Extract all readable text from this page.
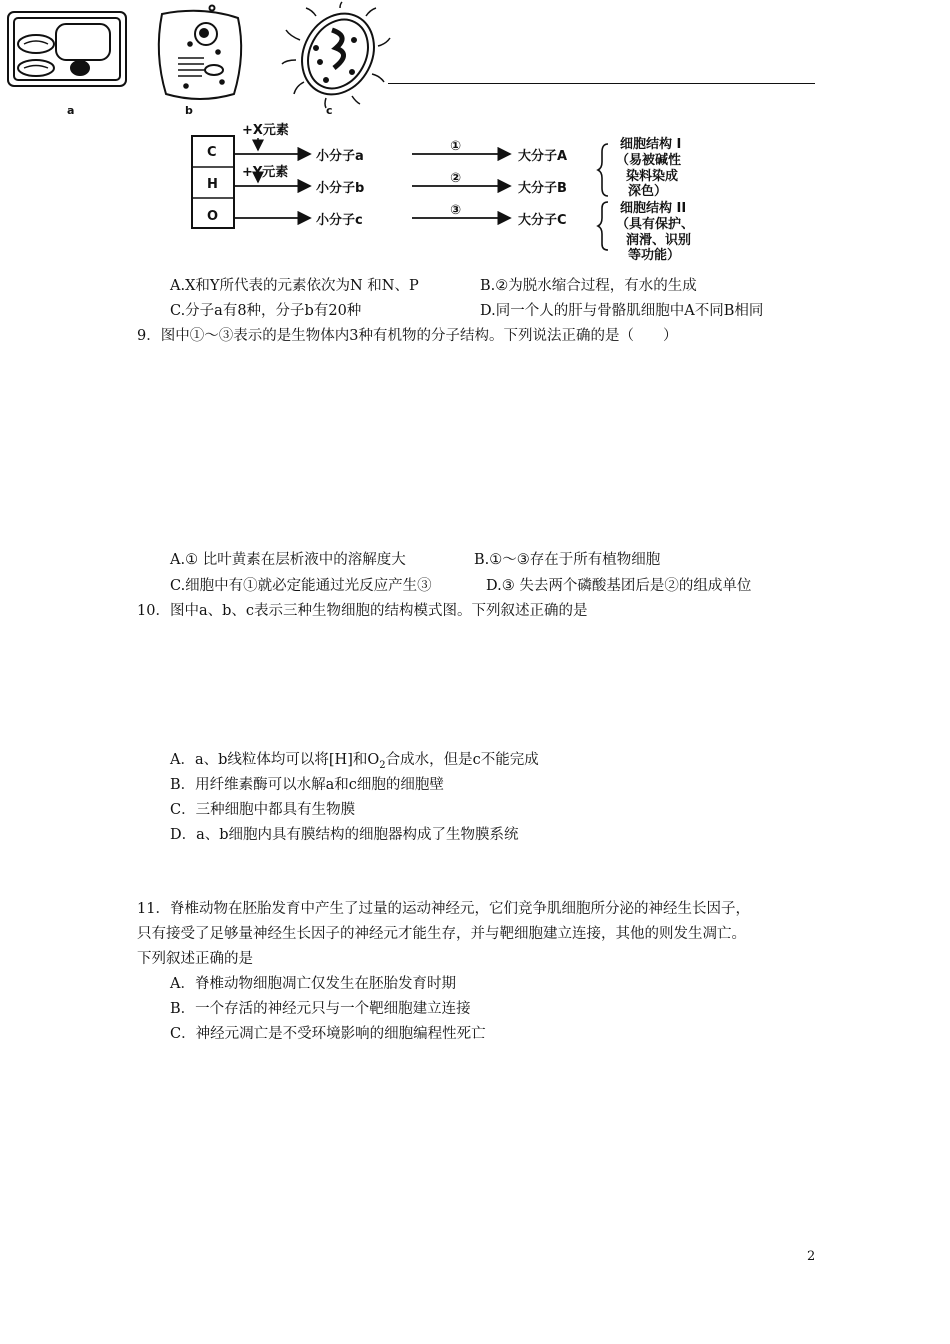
a	b	c
C
H
O
+X元素
+Y元素
小分子a
小分子b
小分子c
①
②
③
大分子A
大分子B
大分子C
细胞结构 I
（易被碱性
染料染成
深色）
细胞结构 II
（具有保护、
润滑、识别
等功能）
A.X和Y所代表的元素依次为N 和N、P	B.②为脱水缩合过程，有水的生成
C.分子a有8种，分子b有20种	D.同一个人的肝与骨骼肌细胞中A不同B相同
9．图中①～③表示的是生物体内3种有机物的分子结构。下列说法正确的是（　　）
A.① 比叶黄素在层析液中的溶解度大	B.①～③存在于所有植物细胞
C.细胞中有①就必定能通过光反应产生③	D.③ 失去两个磷酸基团后是②的组成单位
10．图中a、b、c表示三种生物细胞的结构模式图。下列叙述正确的是
A．a、b线粒体均可以将[H]和$O_2$合成水，但是c不能完成
B．用纤维素酶可以水解a和c细胞的细胞壁
C．三种细胞中都具有生物膜
D．a、b细胞内具有膜结构的细胞器构成了生物膜系统
11．脊椎动物在胚胎发育中产生了过量的运动神经元，它们竞争肌细胞所分泌的神经生长因子，
只有接受了足够量神经生长因子的神经元才能生存，并与靶细胞建立连接，其他的则发生凋亡。
下列叙述正确的是
A．脊椎动物细胞凋亡仅发生在胚胎发育时期
B．一个存活的神经元只与一个靶细胞建立连接
C．神经元凋亡是不受环境影响的细胞编程性死亡
2
